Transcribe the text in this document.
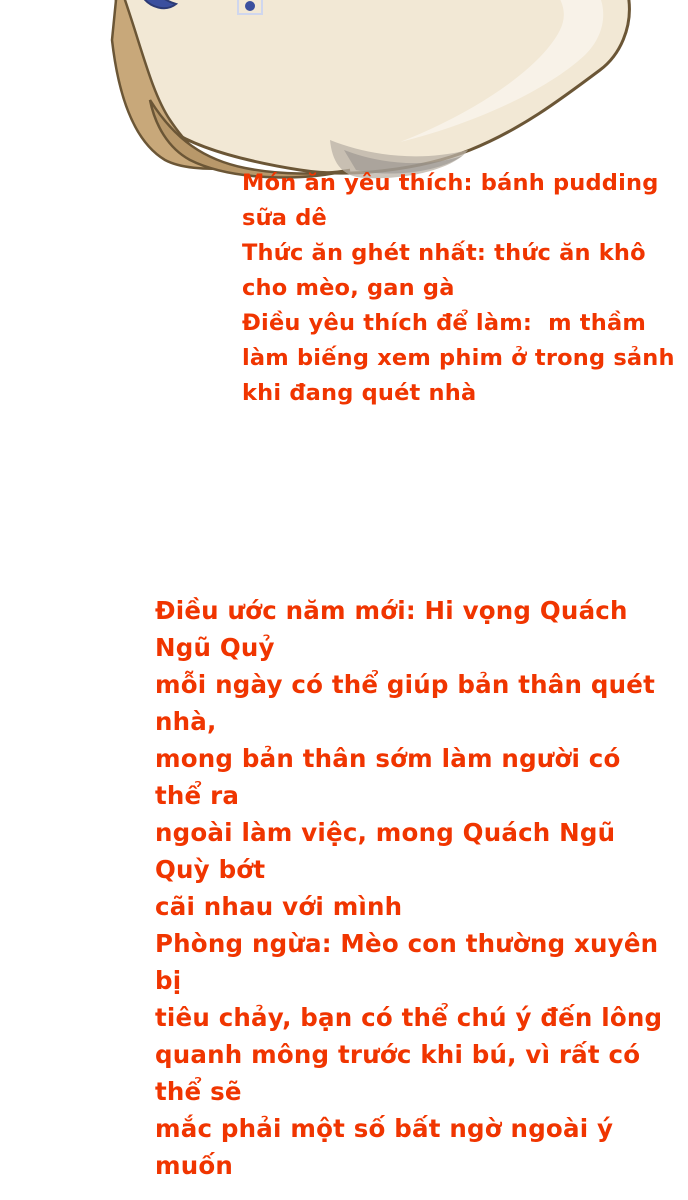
Món ăn yêu thích: bánh pudding
sữa dê
Thức ăn ghét nhất: thức ăn khô
cho mèo, gan gà
Điều yêu thích để làm:  m thầm
làm biếng xem phim ở trong sảnh
khi đang quét nhà
Điều ước năm mới: Hi vọng Quách Ngũ Quỷ
mỗi ngày có thể giúp bản thân quét nhà,
mong bản thân sớm làm người có thể ra
ngoài làm việc, mong Quách Ngũ Quỳ bớt
cãi nhau với mình
Phòng ngừa: Mèo con thường xuyên bị
tiêu chảy, bạn có thể chú ý đến lông
quanh mông trước khi bú, vì rất có thể sẽ
mắc phải một số bất ngờ ngoài ý muốn
